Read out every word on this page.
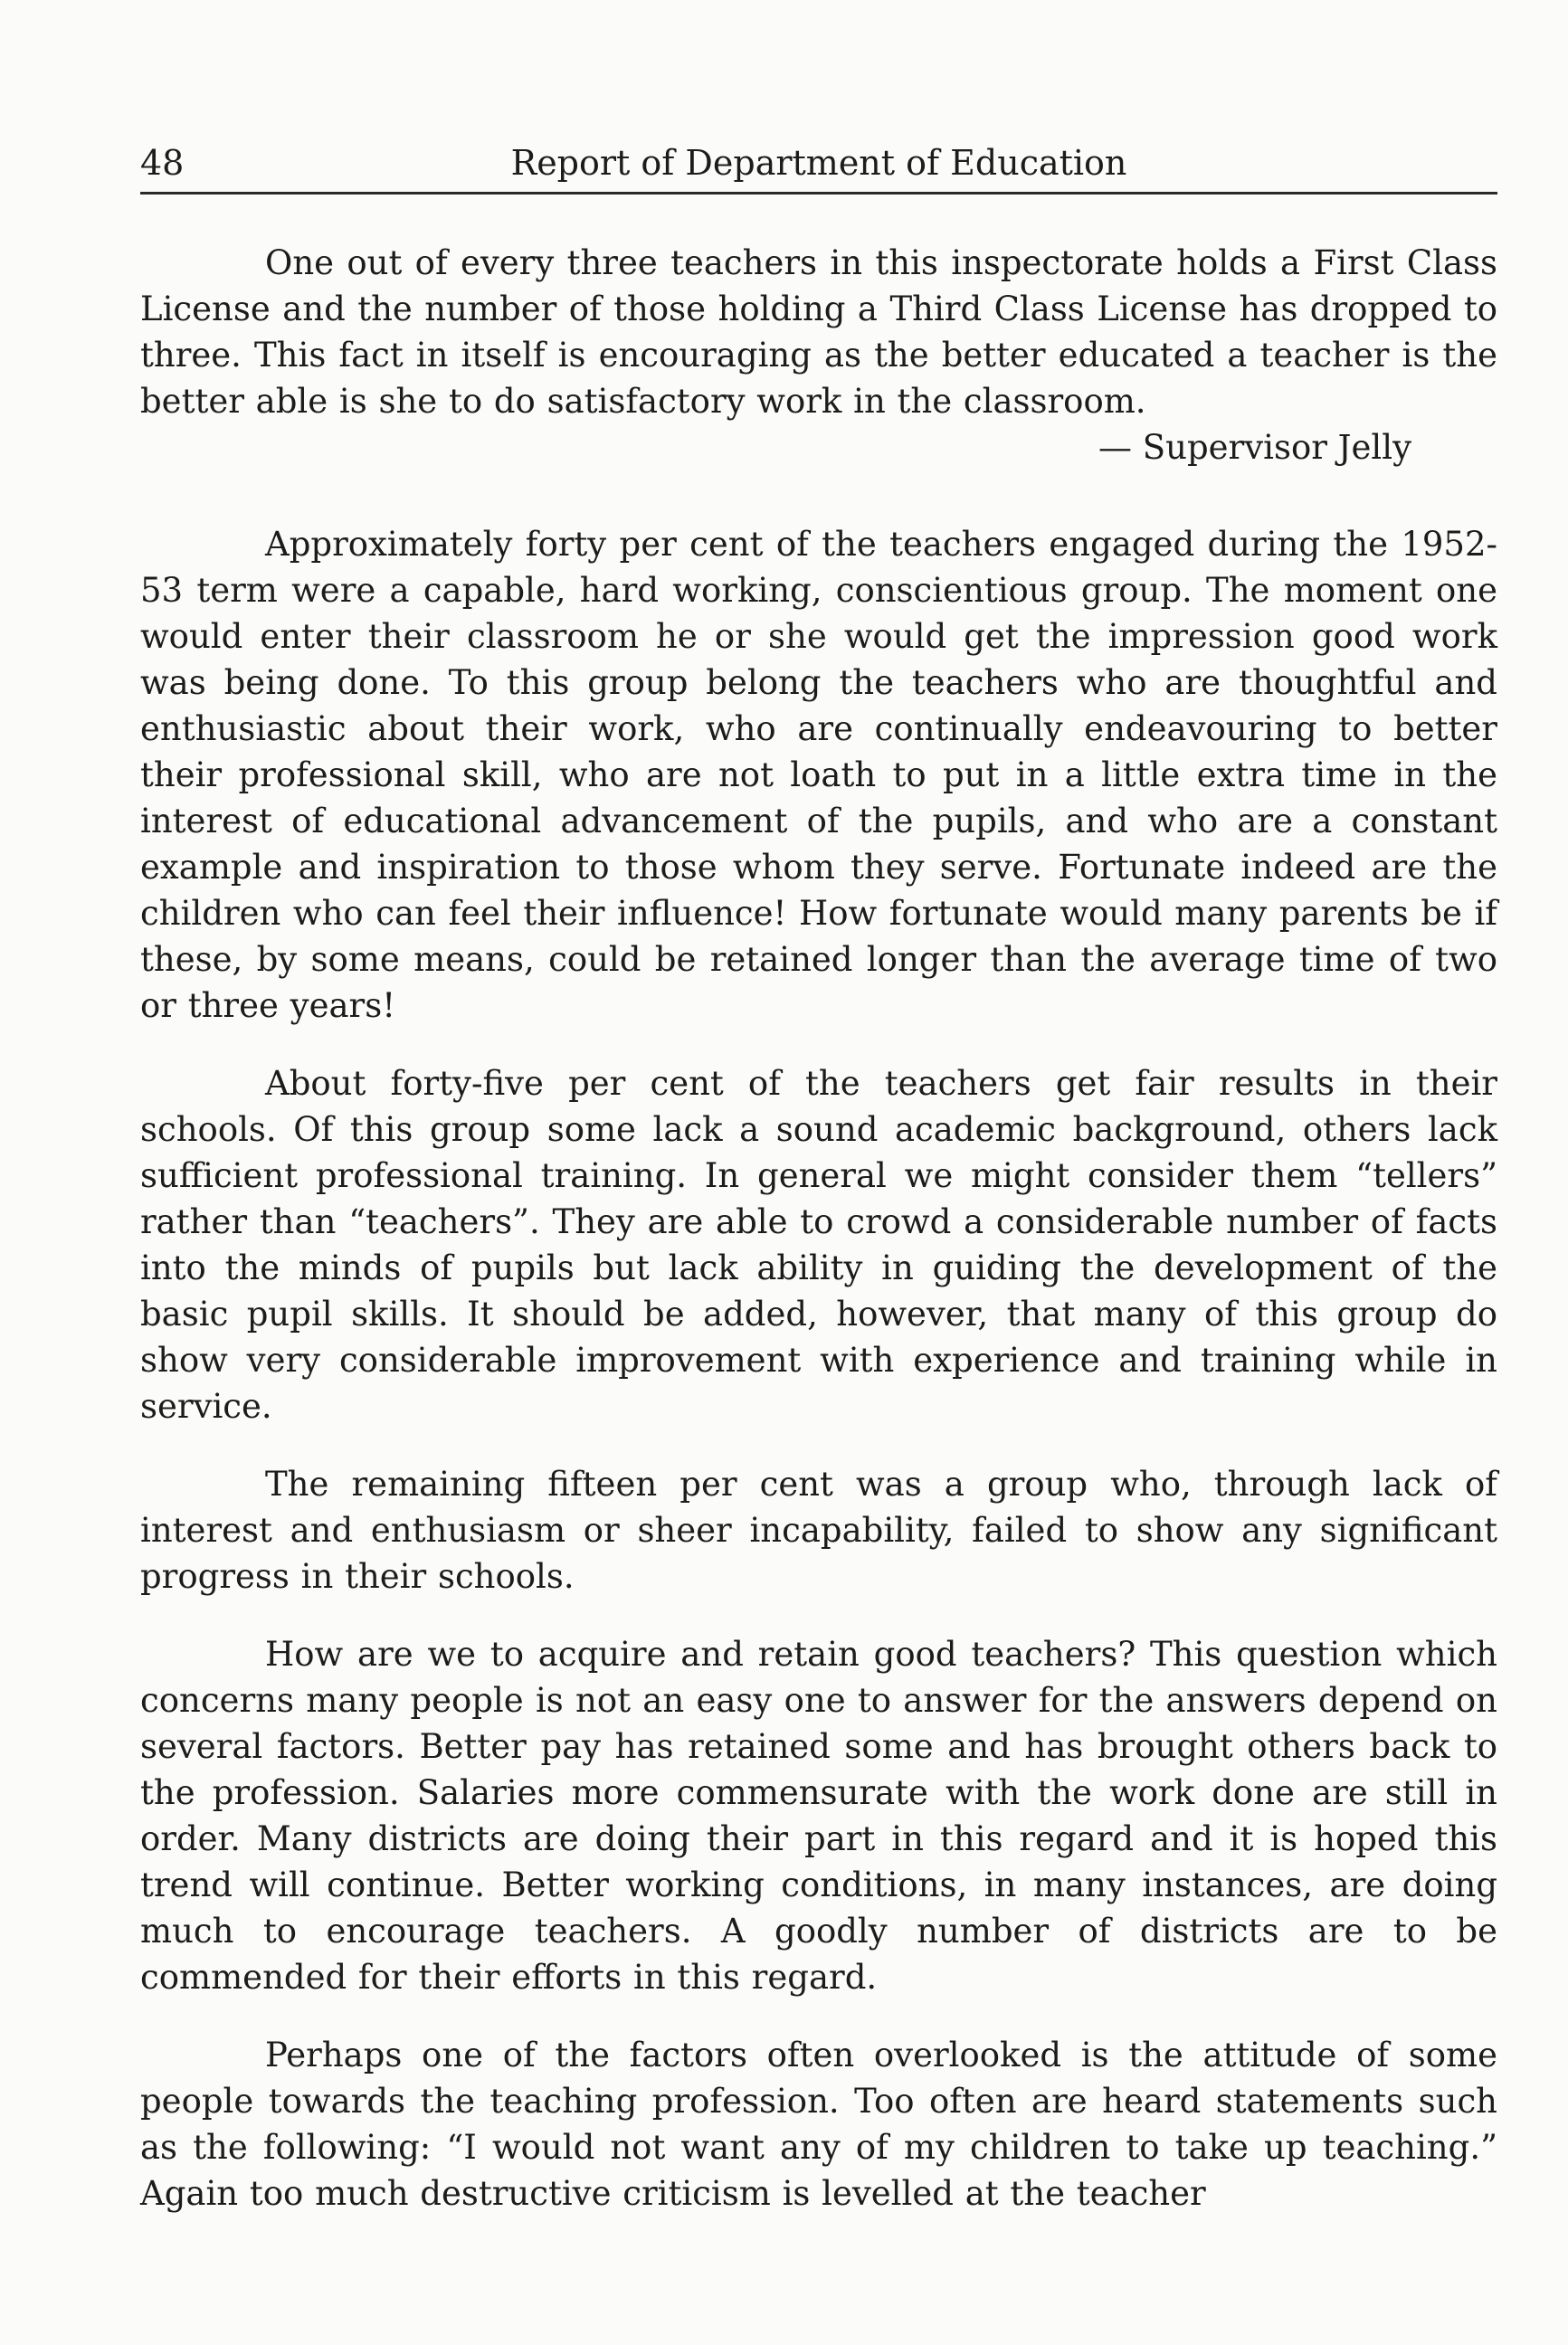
Report of Department of Education
48

One out of every three teachers in this inspectorate holds a First Class License and the number of those holding a Third Class License has dropped to three. This fact in itself is encouraging as the better educated a teacher is the better able is she to do satisfactory work in the classroom.

— Supervisor Jelly

Approximately forty per cent of the teachers engaged during the 1952-53 term were a capable, hard working, conscientious group. The moment one would enter their classroom he or she would get the impression good work was being done. To this group belong the teachers who are thoughtful and enthusiastic about their work, who are continually endeavouring to better their professional skill, who are not loath to put in a little extra time in the interest of educational advancement of the pupils, and who are a constant example and inspiration to those whom they serve. Fortunate indeed are the children who can feel their influence! How fortunate would many parents be if these, by some means, could be retained longer than the average time of two or three years!

About forty-five per cent of the teachers get fair results in their schools. Of this group some lack a sound academic background, others lack sufficient professional training. In general we might consider them “tellers” rather than “teachers”. They are able to crowd a considerable number of facts into the minds of pupils but lack ability in guiding the development of the basic pupil skills. It should be added, however, that many of this group do show very considerable improvement with experience and training while in service.

The remaining fifteen per cent was a group who, through lack of interest and enthusiasm or sheer incapability, failed to show any significant progress in their schools.

How are we to acquire and retain good teachers? This question which concerns many people is not an easy one to answer for the answers depend on several factors. Better pay has retained some and has brought others back to the profession. Salaries more commensurate with the work done are still in order. Many districts are doing their part in this regard and it is hoped this trend will continue. Better working conditions, in many instances, are doing much to encourage teachers. A goodly number of districts are to be commended for their efforts in this regard.

Perhaps one of the factors often overlooked is the attitude of some people towards the teaching profession. Too often are heard statements such as the following: “I would not want any of my children to take up teaching.” Again too much destructive criticism is levelled at the teacher
